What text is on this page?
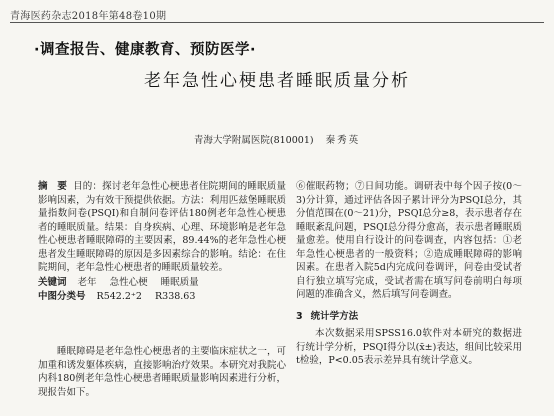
青海医药杂志2018年第48卷10期
·调查报告、健康教育、预防医学·
老年急性心梗患者睡眠质量分析
青海大学附属医院(810001) 秦秀英
摘　要 目的：探讨老年急性心梗患者住院期间的睡眠质量影响因素，为有效干预提供依据。方法：利用匹兹堡睡眠质量指数问卷(PSQI)和自制问卷评估180例老年急性心梗患者的睡眠质量。结果：自身疾病、心理、环境影响是老年急性心梗患者睡眠障碍的主要因素，89.44%的老年急性心梗患者发生睡眠障碍的原因是多因素综合的影响。结论：在住院期间，老年急性心梗患者的睡眠质量较差。
关键词 老年 急性心梗 睡眠质量
中图分类号 R542.2⁺2 R338.63

睡眠障碍是老年急性心梗患者的主要临床症状之一，可加重和诱发躯体疾病，直接影响治疗效果。本研究对我院心内科180例老年急性心梗患者睡眠质量影响因素进行分析，现报告如下。

⑥催眠药物；⑦日间功能。调研表中每个因子按(0～3)分计算，通过评估各因子累计评分为PSQI总分，其分值范围在(0～21)分，PSQI总分≥8，表示患者存在睡眠紊乱问题，PSQI总分得分愈高，表示患者睡眠质量愈差。使用自行设计的问卷调查，内容包括：①老年急性心梗患者的一般资料；②造成睡眠障碍的影响因素。在患者入院5d内完成问卷调评，问卷由受试者自行独立填写完成，受试者需在填写问卷前明白每项问题的准确含义，然后填写问卷调查。

3 统计学方法

本次数据采用SPSS16.0软件对本研究的数据进行统计学分析，PSQI得分以(x̄±)表达，组间比较采用t检验，P<0.05表示差异具有统计学意义。
